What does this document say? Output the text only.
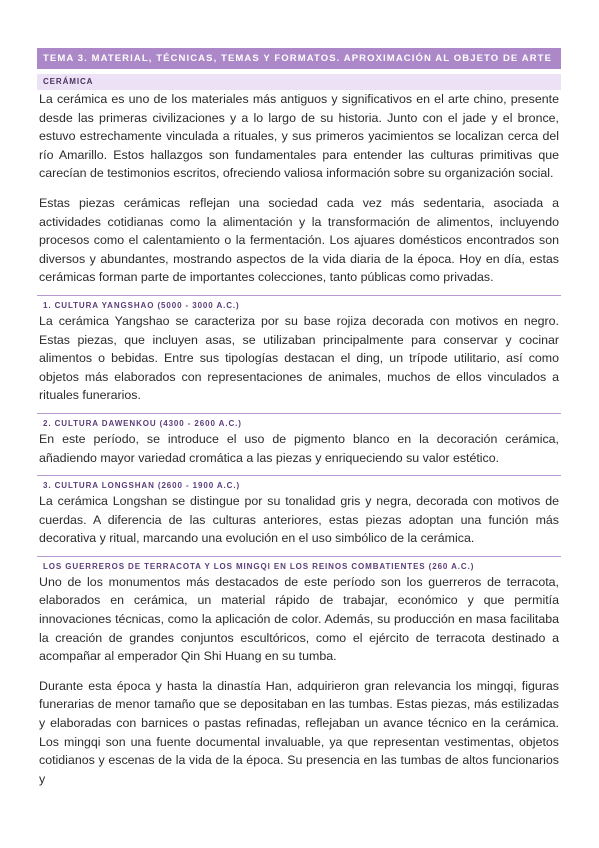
TEMA 3. MATERIAL, TÉCNICAS, TEMAS Y FORMATOS. APROXIMACIÓN AL OBJETO DE ARTE
CERÁMICA

La cerámica es uno de los materiales más antiguos y significativos en el arte chino, presente desde las primeras civilizaciones y a lo largo de su historia. Junto con el jade y el bronce, estuvo estrechamente vinculada a rituales, y sus primeros yacimientos se localizan cerca del río Amarillo. Estos hallazgos son fundamentales para entender las culturas primitivas que carecían de testimonios escritos, ofreciendo valiosa información sobre su organización social.

Estas piezas cerámicas reflejan una sociedad cada vez más sedentaria, asociada a actividades cotidianas como la alimentación y la transformación de alimentos, incluyendo procesos como el calentamiento o la fermentación. Los ajuares domésticos encontrados son diversos y abundantes, mostrando aspectos de la vida diaria de la época. Hoy en día, estas cerámicas forman parte de importantes colecciones, tanto públicas como privadas.

1. CULTURA YANGSHAO (5000 - 3000 A.C.)

La cerámica Yangshao se caracteriza por su base rojiza decorada con motivos en negro. Estas piezas, que incluyen asas, se utilizaban principalmente para conservar y cocinar alimentos o bebidas. Entre sus tipologías destacan el ding, un trípode utilitario, así como objetos más elaborados con representaciones de animales, muchos de ellos vinculados a rituales funerarios.

2. CULTURA DAWENKOU (4300 - 2600 A.C.)

En este período, se introduce el uso de pigmento blanco en la decoración cerámica, añadiendo mayor variedad cromática a las piezas y enriqueciendo su valor estético.

3. CULTURA LONGSHAN (2600 - 1900 A.C.)

La cerámica Longshan se distingue por su tonalidad gris y negra, decorada con motivos de cuerdas. A diferencia de las culturas anteriores, estas piezas adoptan una función más decorativa y ritual, marcando una evolución en el uso simbólico de la cerámica.

LOS GUERREROS DE TERRACOTA Y LOS MINGQI EN LOS REINOS COMBATIENTES (260 A.C.)

Uno de los monumentos más destacados de este período son los guerreros de terracota, elaborados en cerámica, un material rápido de trabajar, económico y que permitía innovaciones técnicas, como la aplicación de color. Además, su producción en masa facilitaba la creación de grandes conjuntos escultóricos, como el ejército de terracota destinado a acompañar al emperador Qin Shi Huang en su tumba.

Durante esta época y hasta la dinastía Han, adquirieron gran relevancia los mingqi, figuras funerarias de menor tamaño que se depositaban en las tumbas. Estas piezas, más estilizadas y elaboradas con barnices o pastas refinadas, reflejaban un avance técnico en la cerámica. Los mingqi son una fuente documental invaluable, ya que representan vestimentas, objetos cotidianos y escenas de la vida de la época. Su presencia en las tumbas de altos funcionarios y
